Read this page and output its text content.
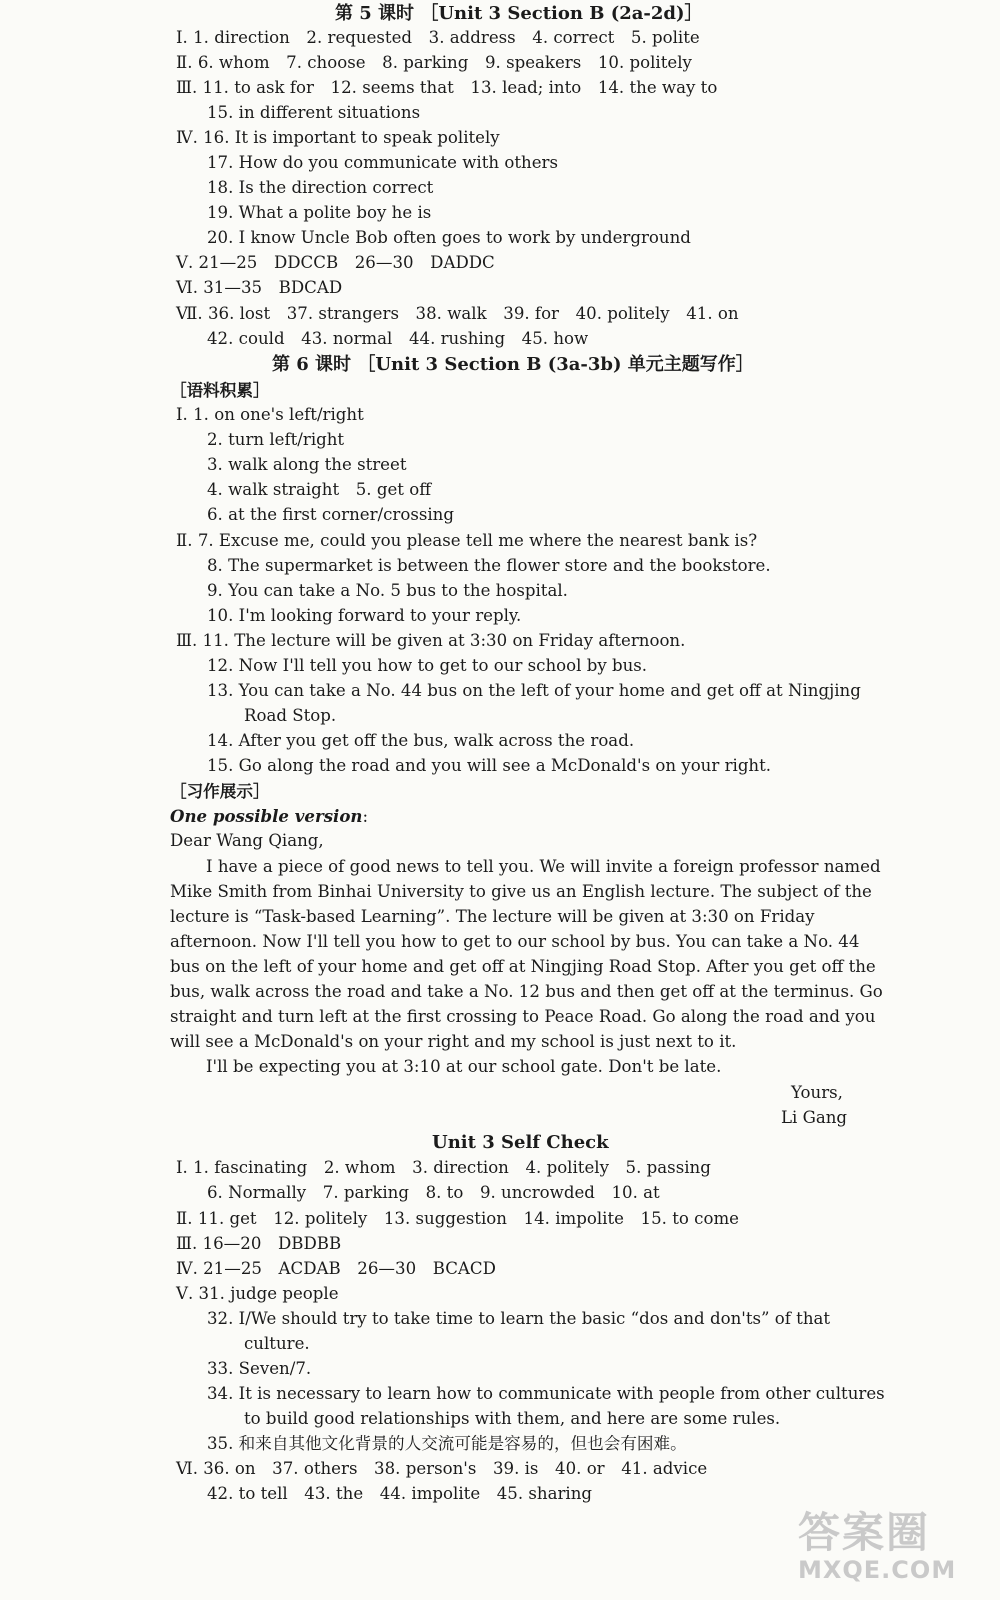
第 5 课时 ［Unit 3 Section B (2a-2d)］
Ⅰ. 1. direction　2. requested　3. address　4. correct　5. polite
Ⅱ. 6. whom　7. choose　8. parking　9. speakers　10. politely
Ⅲ. 11. to ask for　12. seems that　13. lead; into　14. the way to
15. in different situations
Ⅳ. 16. It is important to speak politely
17. How do you communicate with others
18. Is the direction correct
19. What a polite boy he is
20. I know Uncle Bob often goes to work by underground
Ⅴ. 21—25　DDCCB　26—30　DADDC
Ⅵ. 31—35　BDCAD
Ⅶ. 36. lost　37. strangers　38. walk　39. for　40. politely　41. on
42. could　43. normal　44. rushing　45. how
第 6 课时 ［Unit 3 Section B (3a-3b) 单元主题写作］
［语料积累］
Ⅰ. 1. on one's left/right
2. turn left/right
3. walk along the street
4. walk straight　5. get off
6. at the first corner/crossing
Ⅱ. 7. Excuse me, could you please tell me where the nearest bank is?
8. The supermarket is between the flower store and the bookstore.
9. You can take a No. 5 bus to the hospital.
10. I'm looking forward to your reply.
Ⅲ. 11. The lecture will be given at 3:30 on Friday afternoon.
12. Now I'll tell you how to get to our school by bus.
13. You can take a No. 44 bus on the left of your home and get off at Ningjing
Road Stop.
14. After you get off the bus, walk across the road.
15. Go along the road and you will see a McDonald's on your right.
［习作展示］
One possible version:
Dear Wang Qiang,
I have a piece of good news to tell you. We will invite a foreign professor named
Mike Smith from Binhai University to give us an English lecture. The subject of the
lecture is “Task-based Learning”. The lecture will be given at 3:30 on Friday
afternoon. Now I'll tell you how to get to our school by bus. You can take a No. 44
bus on the left of your home and get off at Ningjing Road Stop. After you get off the
bus, walk across the road and take a No. 12 bus and then get off at the terminus. Go
straight and turn left at the first crossing to Peace Road. Go along the road and you
will see a McDonald's on your right and my school is just next to it.
I'll be expecting you at 3:10 at our school gate. Don't be late.
Yours,
Li Gang
Unit 3 Self Check
Ⅰ. 1. fascinating　2. whom　3. direction　4. politely　5. passing
6. Normally　7. parking　8. to　9. uncrowded　10. at
Ⅱ. 11. get　12. politely　13. suggestion　14. impolite　15. to come
Ⅲ. 16—20　DBDBB
Ⅳ. 21—25　ACDAB　26—30　BCACD
Ⅴ. 31. judge people
32. I/We should try to take time to learn the basic “dos and don'ts” of that
culture.
33. Seven/7.
34. It is necessary to learn how to communicate with people from other cultures
to build good relationships with them, and here are some rules.
35. 和来自其他文化背景的人交流可能是容易的，但也会有困难。
Ⅵ. 36. on　37. others　38. person's　39. is　40. or　41. advice
42. to tell　43. the　44. impolite　45. sharing
答案圈
MXQE.COM
